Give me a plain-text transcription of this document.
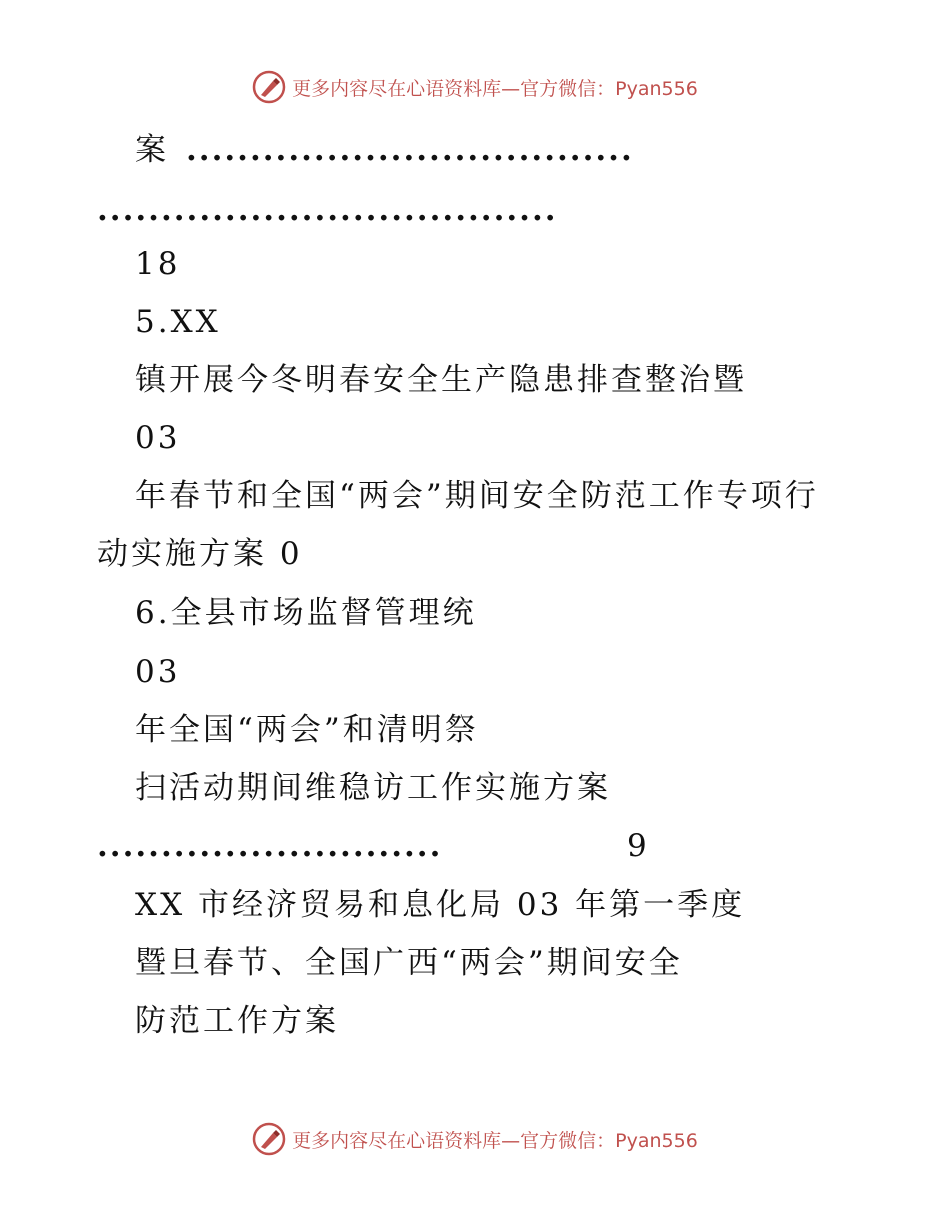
更多内容尽在心语资料库—官方微信：Pyan556
案 ...................................
....................................
18
5.XX
镇开展今冬明春安全生产隐患排查整治暨
03
年春节和全国“两会”期间安全防范工作专项行
动实施方案 0
6.全县市场监督管理统
03
年全国“两会”和清明祭
扫活动期间维稳访工作实施方案
...........................	9
XX 市经济贸易和息化局 03 年第一季度
暨旦春节、全国广西“两会”期间安全
防范工作方案
更多内容尽在心语资料库—官方微信：Pyan556
